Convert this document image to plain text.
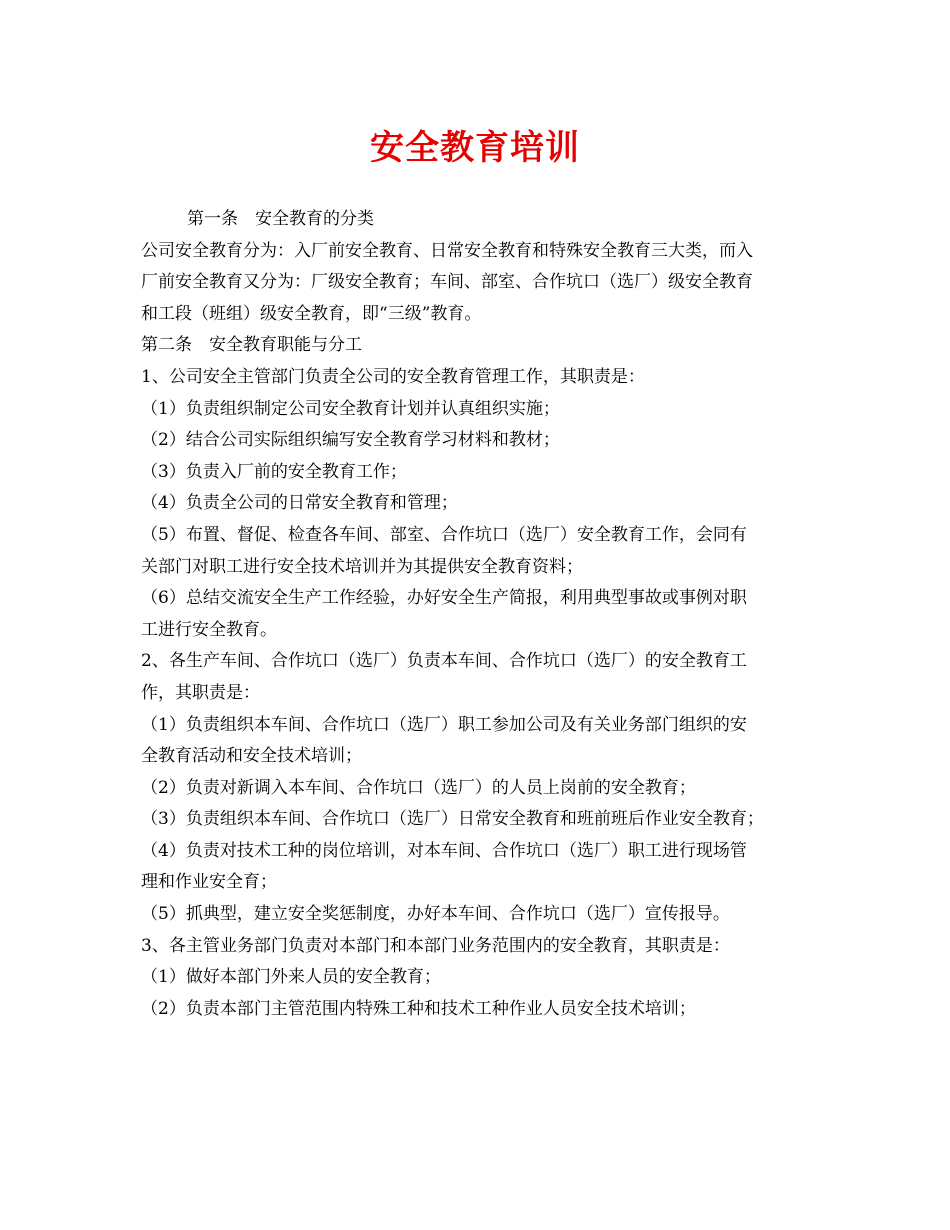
安全教育培训

第一条　安全教育的分类

公司安全教育分为：入厂前安全教育、日常安全教育和特殊安全教育三大类，而入

厂前安全教育又分为：厂级安全教育；车间、部室、合作坑口（选厂）级安全教育

和工段（班组）级安全教育，即“三级”教育。

第二条　安全教育职能与分工

1、公司安全主管部门负责全公司的安全教育管理工作，其职责是：

（1）负责组织制定公司安全教育计划并认真组织实施；

（2）结合公司实际组织编写安全教育学习材料和教材；

（3）负责入厂前的安全教育工作；

（4）负责全公司的日常安全教育和管理；

（5）布置、督促、检查各车间、部室、合作坑口（选厂）安全教育工作，会同有

关部门对职工进行安全技术培训并为其提供安全教育资料；

（6）总结交流安全生产工作经验，办好安全生产简报，利用典型事故或事例对职

工进行安全教育。

2、各生产车间、合作坑口（选厂）负责本车间、合作坑口（选厂）的安全教育工

作，其职责是：

（1）负责组织本车间、合作坑口（选厂）职工参加公司及有关业务部门组织的安

全教育活动和安全技术培训；

（2）负责对新调入本车间、合作坑口（选厂）的人员上岗前的安全教育；

（3）负责组织本车间、合作坑口（选厂）日常安全教育和班前班后作业安全教育；

（4）负责对技术工种的岗位培训，对本车间、合作坑口（选厂）职工进行现场管

理和作业安全育；

（5）抓典型，建立安全奖惩制度，办好本车间、合作坑口（选厂）宣传报导。

3、各主管业务部门负责对本部门和本部门业务范围内的安全教育，其职责是：

（1）做好本部门外来人员的安全教育；

（2）负责本部门主管范围内特殊工种和技术工种作业人员安全技术培训；
